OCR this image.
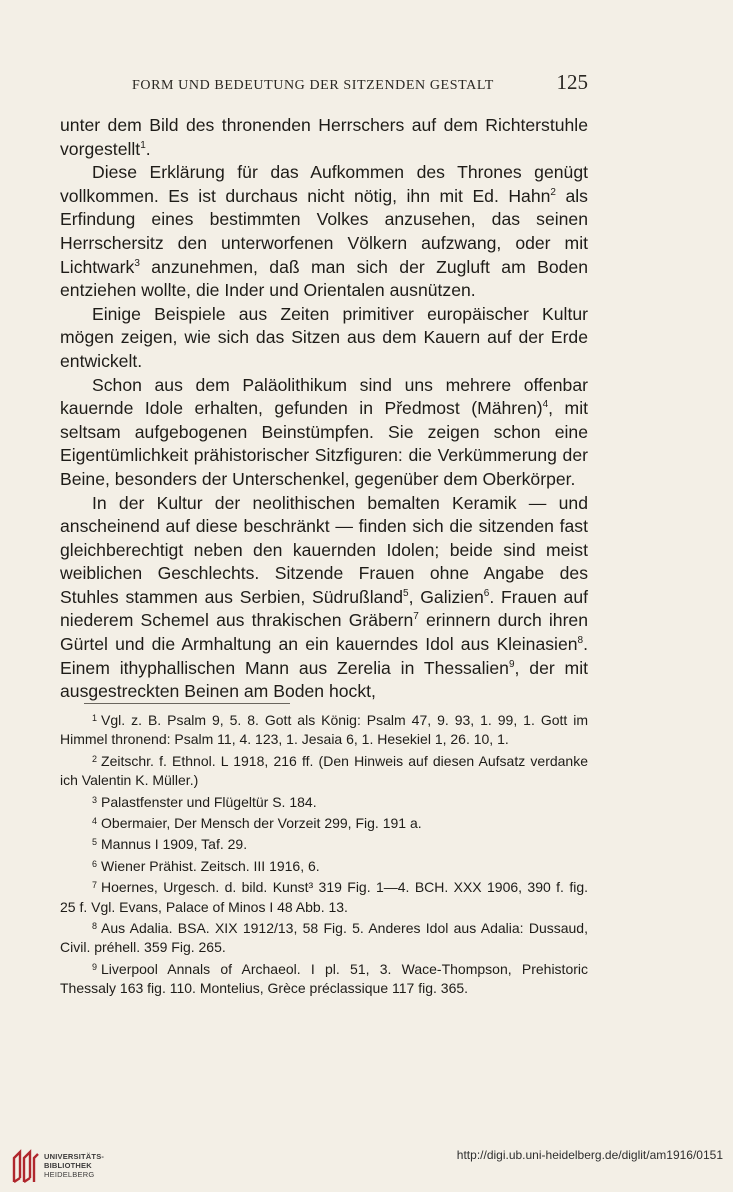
FORM UND BEDEUTUNG DER SITZENDEN GESTALT	125

unter dem Bild des thronenden Herrschers auf dem Richterstuhle vorgestellt$^1$.

Diese Erklärung für das Aufkommen des Thrones genügt vollkommen. Es ist durchaus nicht nötig, ihn mit Ed. Hahn$^2$ als Erfindung eines bestimmten Volkes anzusehen, das seinen Herrschersitz den unterworfenen Völkern aufzwang, oder mit Lichtwark$^3$ anzunehmen, daß man sich der Zugluft am Boden entziehen wollte, die Inder und Orientalen ausnützen.

Einige Beispiele aus Zeiten primitiver europäischer Kultur mögen zeigen, wie sich das Sitzen aus dem Kauern auf der Erde entwickelt.

Schon aus dem Paläolithikum sind uns mehrere offenbar kauernde Idole erhalten, gefunden in Předmost (Mähren)$^4$, mit seltsam aufgebogenen Beinstümpfen. Sie zeigen schon eine Eigentümlichkeit prähistorischer Sitzfiguren: die Verkümmerung der Beine, besonders der Unterschenkel, gegenüber dem Oberkörper.

In der Kultur der neolithischen bemalten Keramik — und anscheinend auf diese beschränkt — finden sich die sitzenden fast gleichberechtigt neben den kauernden Idolen; beide sind meist weiblichen Geschlechts. Sitzende Frauen ohne Angabe des Stuhles stammen aus Serbien, Südrußland$^5$, Galizien$^6$. Frauen auf niederem Schemel aus thrakischen Gräbern$^7$ erinnern durch ihren Gürtel und die Armhaltung an ein kauerndes Idol aus Kleinasien$^8$. Einem ithyphallischen Mann aus Zerelia in Thessalien$^9$, der mit ausgestreckten Beinen am Boden hockt,

$^1$ Vgl. z. B. Psalm 9, 5. 8. Gott als König: Psalm 47, 9. 93, 1. 99, 1. Gott im Himmel thronend: Psalm 11, 4. 123, 1. Jesaia 6, 1. Hesekiel 1, 26. 10, 1.

$^2$ Zeitschr. f. Ethnol. L 1918, 216 ff. (Den Hinweis auf diesen Aufsatz verdanke ich Valentin K. Müller.)

$^3$ Palastfenster und Flügeltür S. 184.

$^4$ Obermaier, Der Mensch der Vorzeit 299, Fig. 191 a.

$^5$ Mannus I 1909, Taf. 29.

$^6$ Wiener Prähist. Zeitsch. III 1916, 6.

$^7$ Hoernes, Urgesch. d. bild. Kunst³ 319 Fig. 1—4. BCH. XXX 1906, 390 f. fig. 25 f. Vgl. Evans, Palace of Minos I 48 Abb. 13.

$^8$ Aus Adalia. BSA. XIX 1912/13, 58 Fig. 5. Anderes Idol aus Adalia: Dussaud, Civil. préhell. 359 Fig. 265.

$^9$ Liverpool Annals of Archaeol. I pl. 51, 3. Wace-Thompson, Prehistoric Thessaly 163 fig. 110. Montelius, Grèce préclassique 117 fig. 365.

UNIVERSITÄTS-
BIBLIOTHEK
HEIDELBERG
http://digi.ub.uni-heidelberg.de/diglit/am1916/0151
